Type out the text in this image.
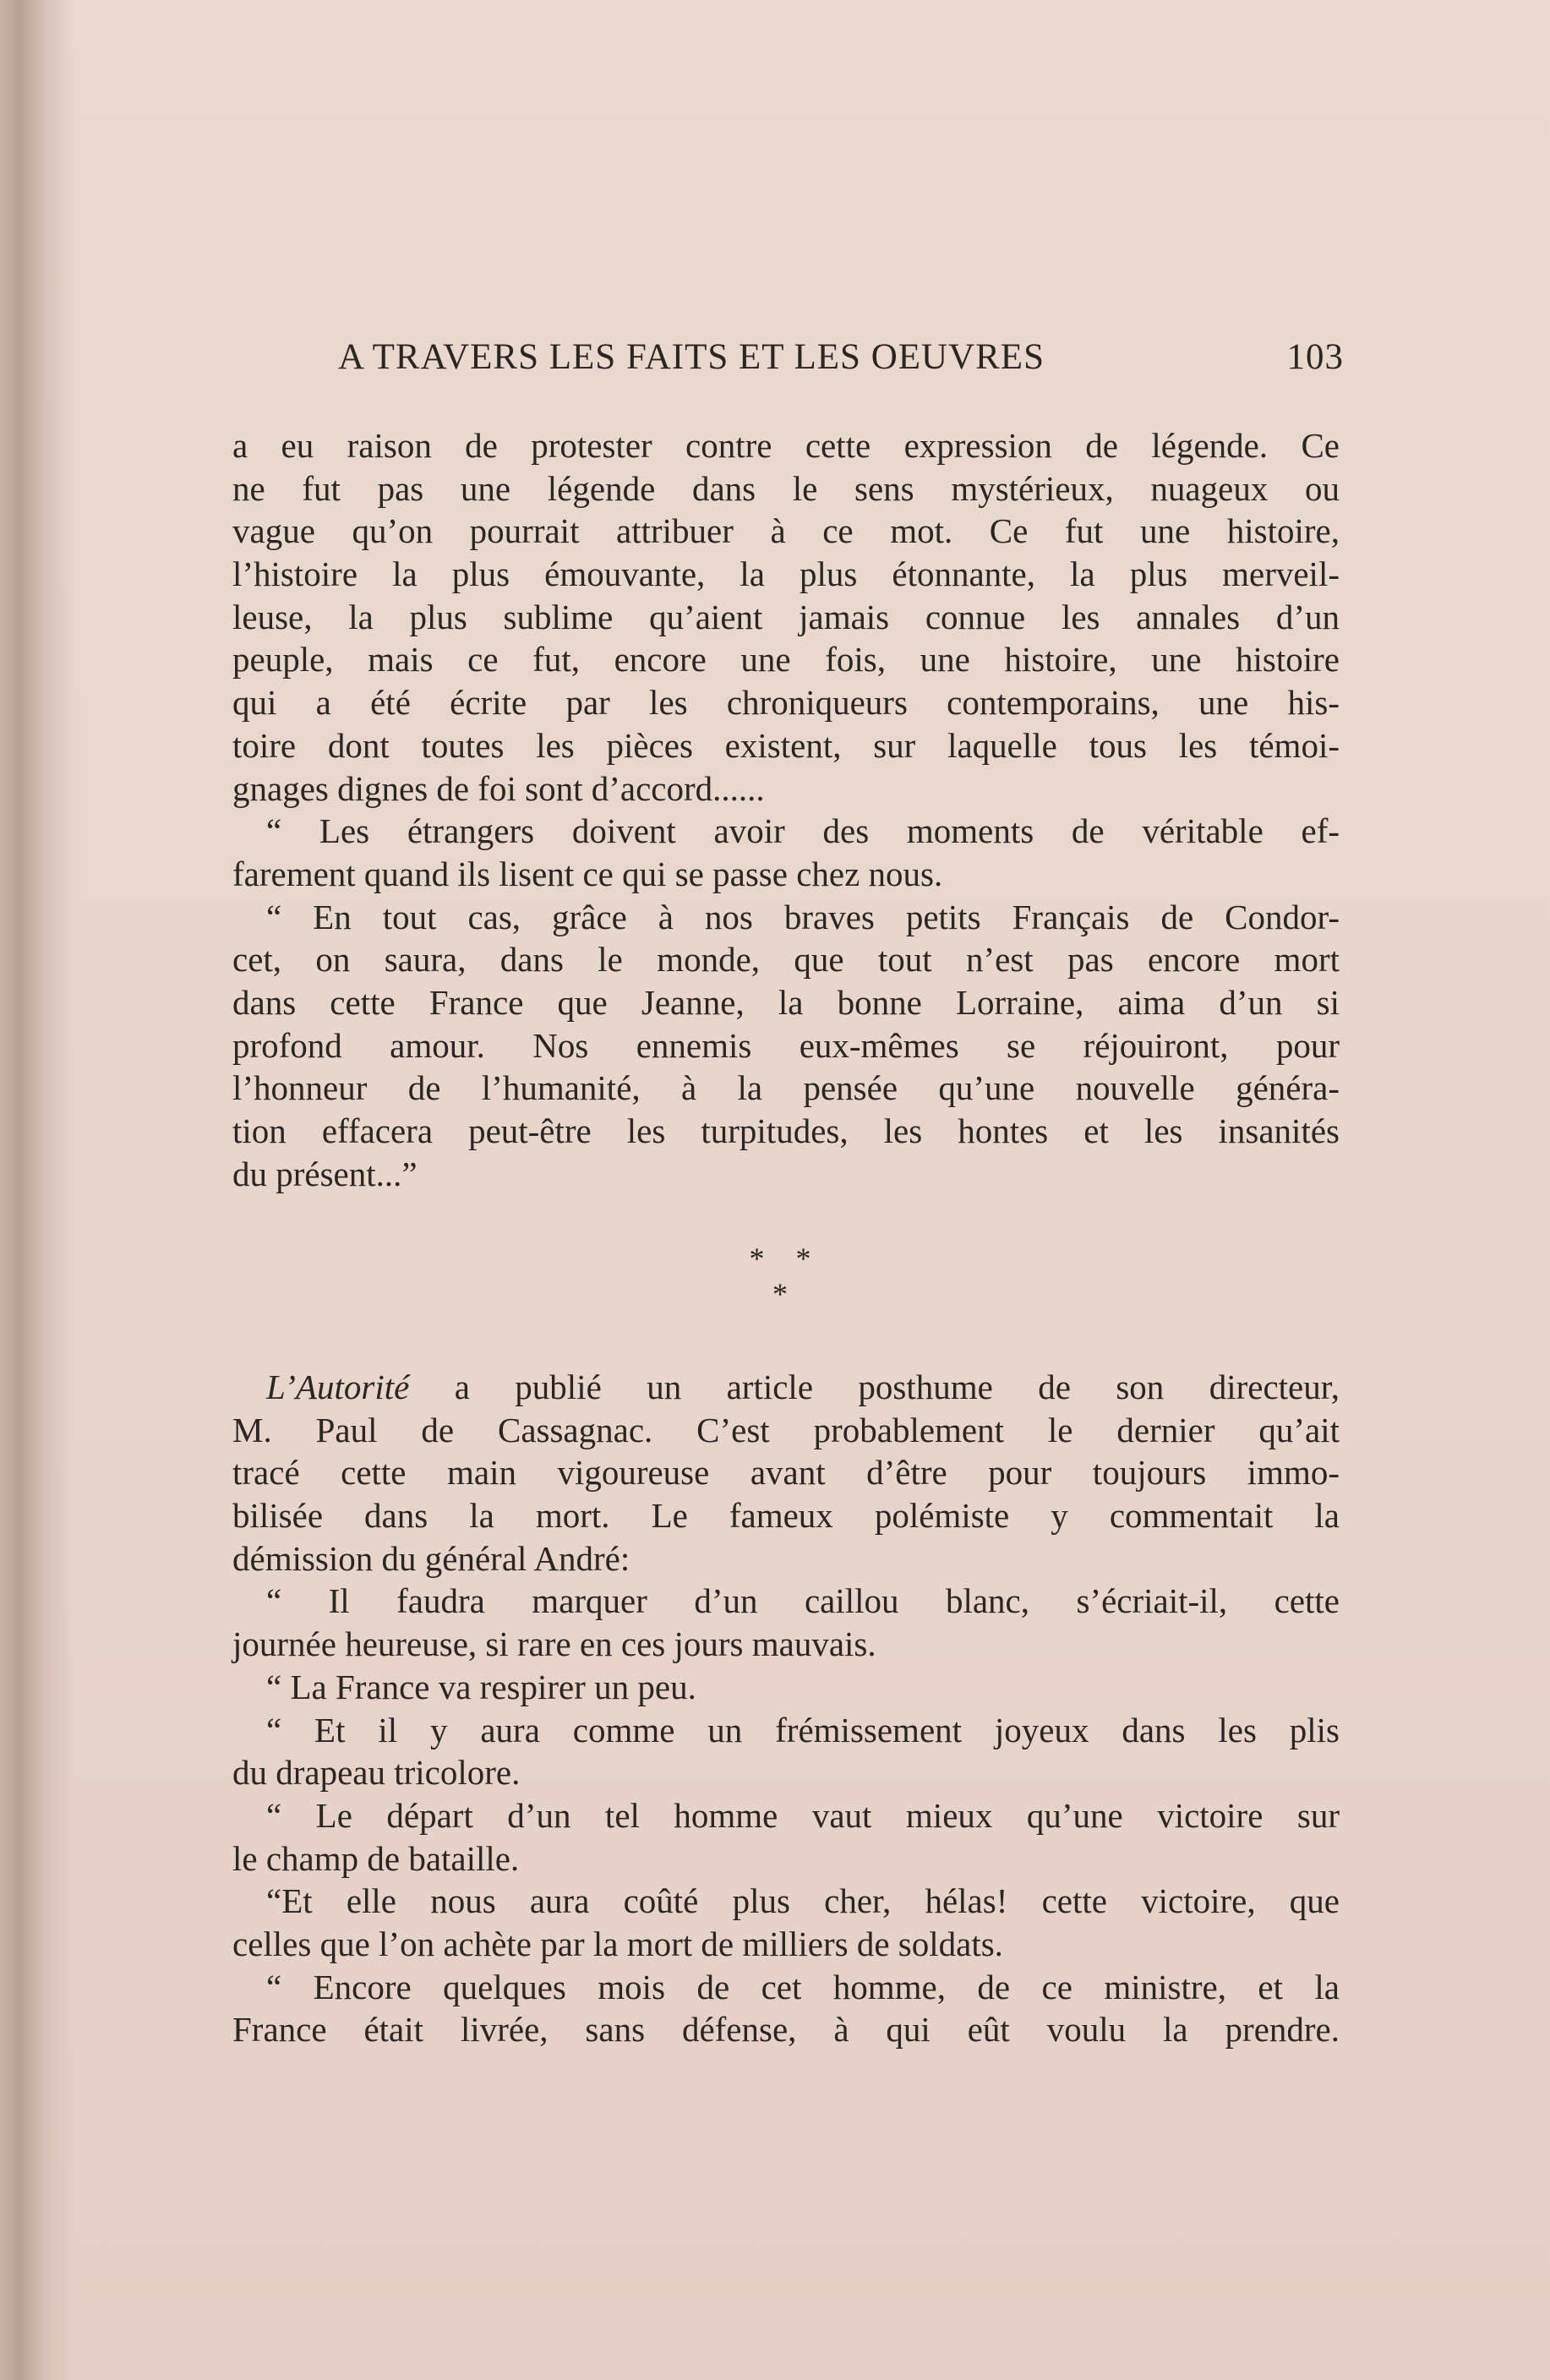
A TRAVERS LES FAITS ET LES OEUVRES	103
a eu raison de protester contre cette expression de légende. Ce
ne fut pas une légende dans le sens mystérieux, nuageux ou
vague qu’on pourrait attribuer à ce mot. Ce fut une histoire,
l’histoire la plus émouvante, la plus étonnante, la plus merveil-
leuse, la plus sublime qu’aient jamais connue les annales d’un
peuple, mais ce fut, encore une fois, une histoire, une histoire
qui a été écrite par les chroniqueurs contemporains, une his-
toire dont toutes les pièces existent, sur laquelle tous les témoi-
gnages dignes de foi sont d’accord......
“ Les étrangers doivent avoir des moments de véritable ef-
farement quand ils lisent ce qui se passe chez nous.
“ En tout cas, grâce à nos braves petits Français de Condor-
cet, on saura, dans le monde, que tout n’est pas encore mort
dans cette France que Jeanne, la bonne Lorraine, aima d’un si
profond amour. Nos ennemis eux-mêmes se réjouiront, pour
l’honneur de l’humanité, à la pensée qu’une nouvelle généra-
tion effacera peut-être les turpitudes, les hontes et les insanités
du présent...”
* * *
L’Autorité a publié un article posthume de son directeur,
M. Paul de Cassagnac. C’est probablement le dernier qu’ait
tracé cette main vigoureuse avant d’être pour toujours immo-
bilisée dans la mort. Le fameux polémiste y commentait la
démission du général André:
“ Il faudra marquer d’un caillou blanc, s’écriait-il, cette
journée heureuse, si rare en ces jours mauvais.
“ La France va respirer un peu.
“ Et il y aura comme un frémissement joyeux dans les plis
du drapeau tricolore.
“ Le départ d’un tel homme vaut mieux qu’une victoire sur
le champ de bataille.
“Et elle nous aura coûté plus cher, hélas! cette victoire, que
celles que l’on achète par la mort de milliers de soldats.
“ Encore quelques mois de cet homme, de ce ministre, et la
France était livrée, sans défense, à qui eût voulu la prendre.
